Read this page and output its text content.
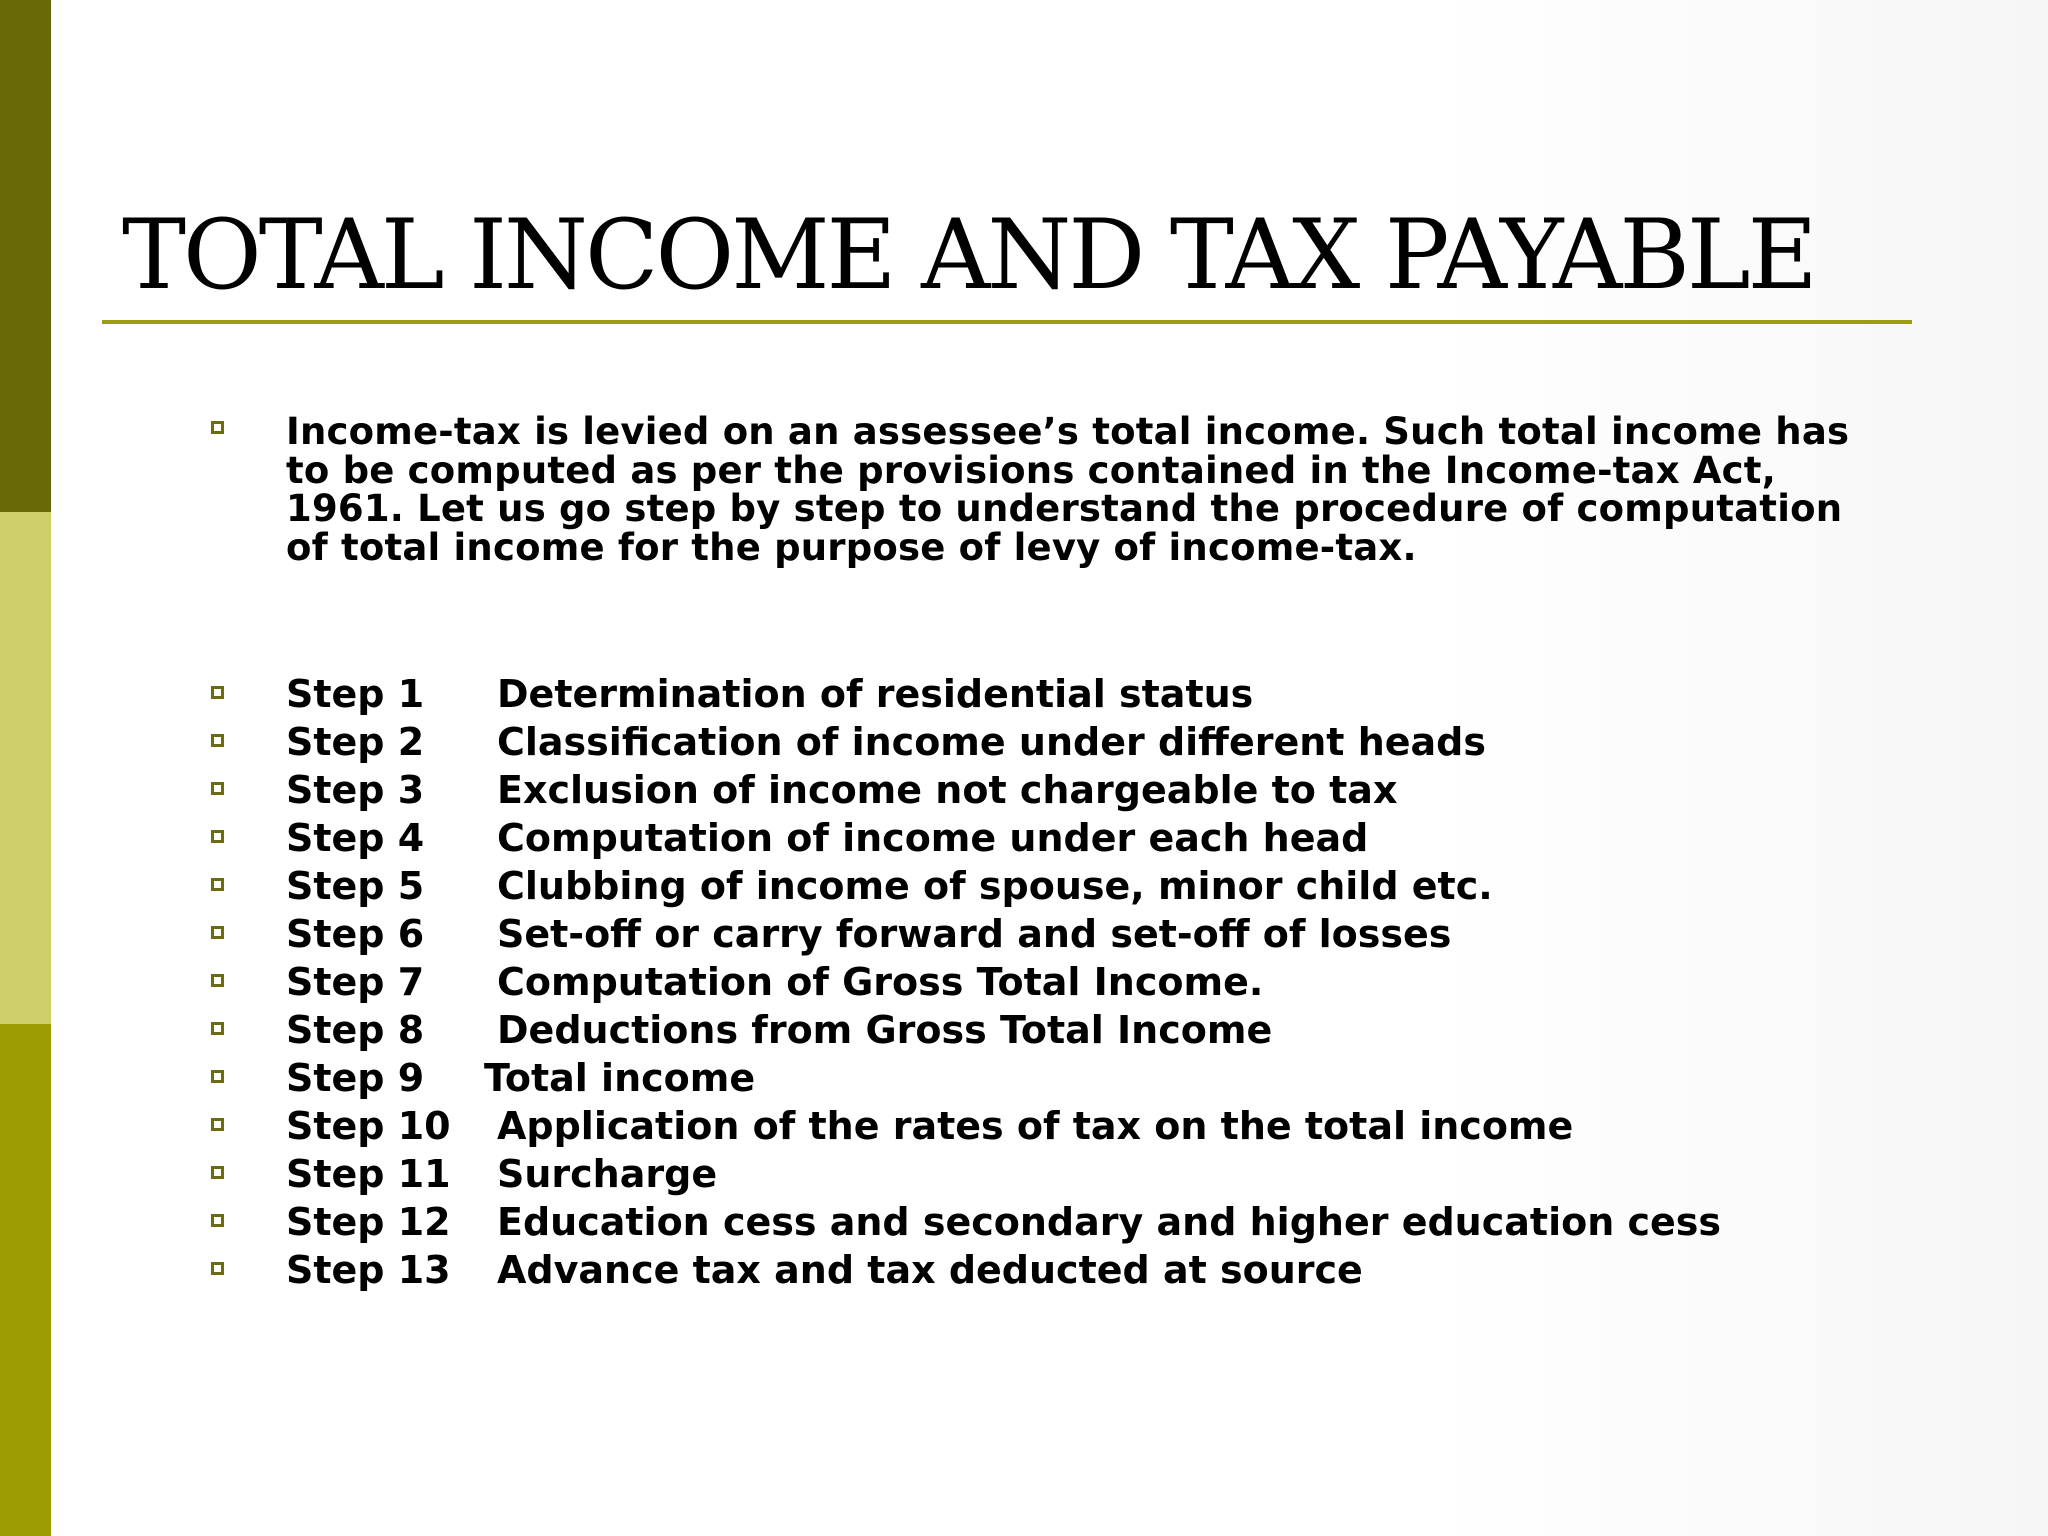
TOTAL INCOME AND TAX PAYABLE
Income-tax is levied on an assessee’s total income. Such total income has to be computed as per the provisions contained in the Income-tax Act, 1961. Let us go step by step to understand the procedure of computation of total income for the purpose of levy of income-tax.
Step 1 Determination of residential status
Step 2 Classification of income under different heads
Step 3 Exclusion of income not chargeable to tax
Step 4 Computation of income under each head
Step 5 Clubbing of income of spouse, minor child etc.
Step 6 Set-off or carry forward and set-off of losses
Step 7 Computation of Gross Total Income.
Step 8 Deductions from Gross Total Income
Step 9 Total income
Step 10 Application of the rates of tax on the total income
Step 11 Surcharge
Step 12 Education cess and secondary and higher education cess
Step 13 Advance tax and tax deducted at source
